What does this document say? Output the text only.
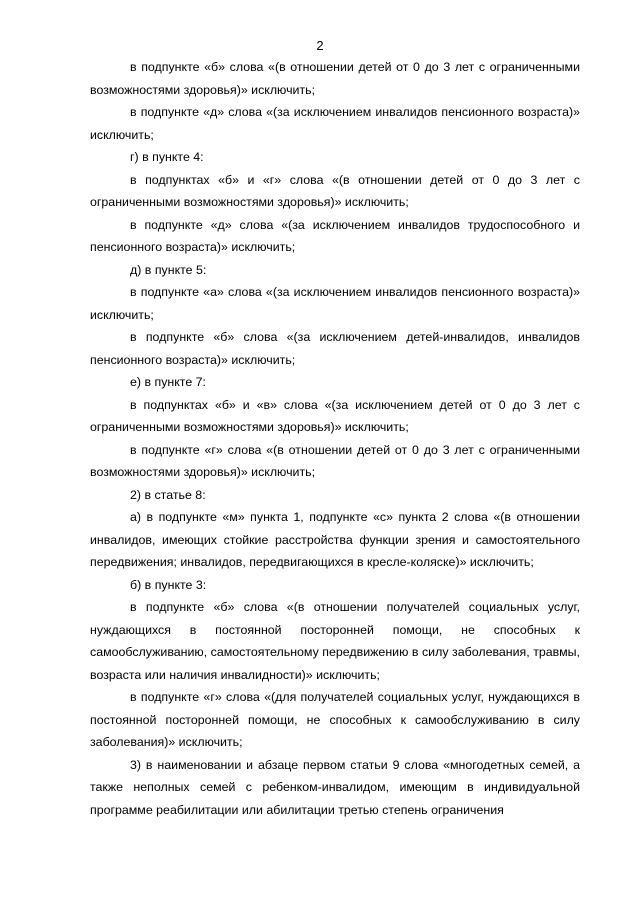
2

в подпункте «б» слова «(в отношении детей от 0 до 3 лет с ограниченными возможностями здоровья)» исключить;

в подпункте «д» слова «(за исключением инвалидов пенсионного возраста)» исключить;

г) в пункте 4:

в подпунктах «б» и «г» слова «(в отношении детей от 0 до 3 лет с ограниченными возможностями здоровья)» исключить;

в подпункте «д» слова «(за исключением инвалидов трудоспособного и пенсионного возраста)» исключить;

д) в пункте 5:

в подпункте «а» слова «(за исключением инвалидов пенсионного возраста)» исключить;

в подпункте «б» слова «(за исключением детей-инвалидов, инвалидов пенсионного возраста)» исключить;

е) в пункте 7:

в подпунктах «б» и «в» слова «(за исключением детей от 0 до 3 лет с ограниченными возможностями здоровья)» исключить;

в подпункте «г» слова «(в отношении детей от 0 до 3 лет с ограниченными возможностями здоровья)» исключить;

2) в статье 8:

а) в подпункте «м» пункта 1, подпункте «с» пункта 2 слова «(в отношении инвалидов, имеющих стойкие расстройства функции зрения и самостоятельного передвижения; инвалидов, передвигающихся в кресле-коляске)» исключить;

б) в пункте 3:

в подпункте «б» слова «(в отношении получателей социальных услуг, нуждающихся в постоянной посторонней помощи, не способных к самообслуживанию, самостоятельному передвижению в силу заболевания, травмы, возраста или наличия инвалидности)» исключить;

в подпункте «г» слова «(для получателей социальных услуг, нуждающихся в постоянной посторонней помощи, не способных к самообслуживанию в силу заболевания)» исключить;

3) в наименовании и абзаце первом статьи 9 слова «многодетных семей, а также неполных семей с ребенком-инвалидом, имеющим в индивидуальной программе реабилитации или абилитации третью степень ограничения
